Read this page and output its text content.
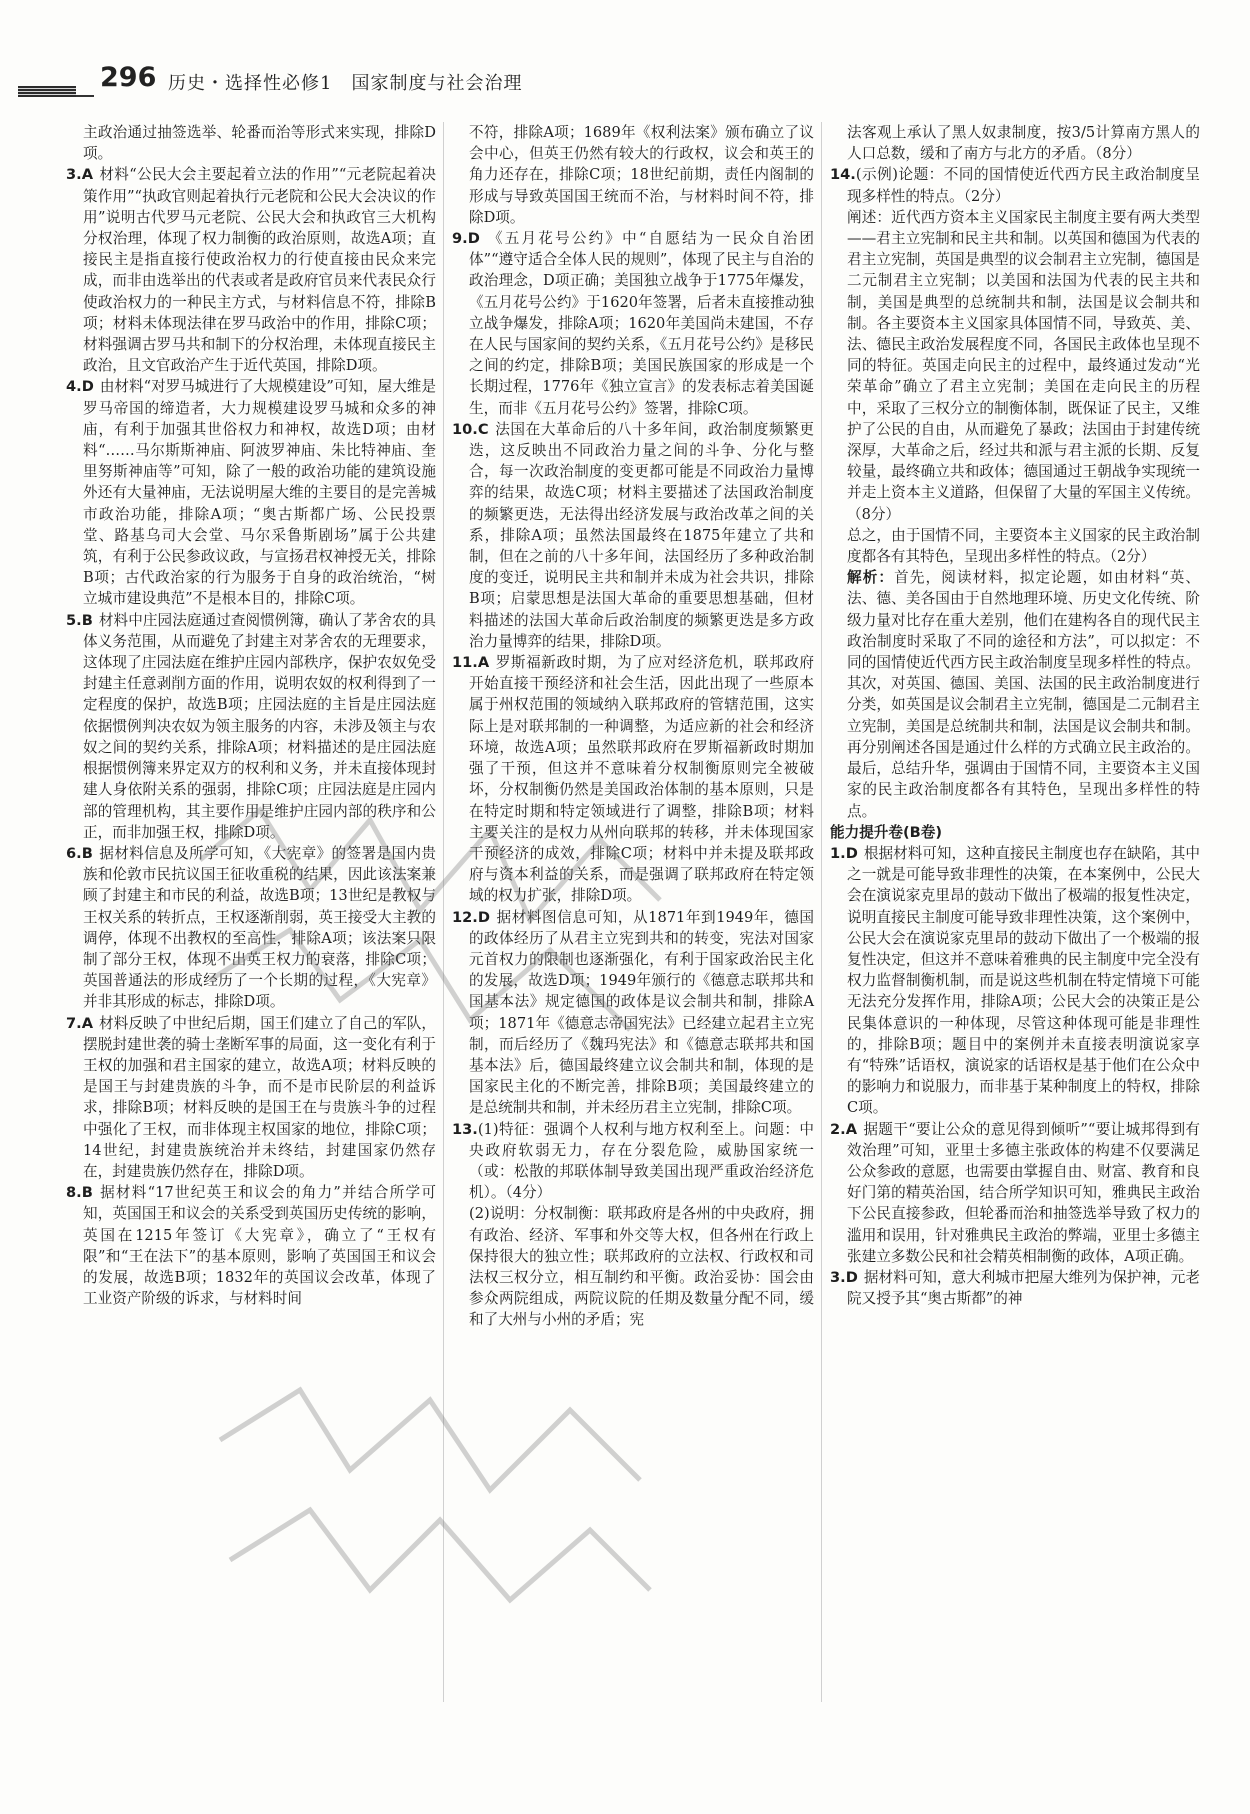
296 历史・选择性必修1　国家制度与社会治理
主政治通过抽签选举、轮番而治等形式来实现，排除D项。
3.A 材料“公民大会主要起着立法的作用”“元老院起着决策作用”“执政官则起着执行元老院和公民大会决议的作用”说明古代罗马元老院、公民大会和执政官三大机构分权治理，体现了权力制衡的政治原则，故选A项；直接民主是指直接行使政治权力的行使直接由民众来完成，而非由选举出的代表或者是政府官员来代表民众行使政治权力的一种民主方式，与材料信息不符，排除B项；材料未体现法律在罗马政治中的作用，排除C项；材料强调古罗马共和制下的分权治理，未体现直接民主政治，且文官政治产生于近代英国，排除D项。
4.D 由材料“对罗马城进行了大规模建设”可知，屋大维是罗马帝国的缔造者，大力规模建设罗马城和众多的神庙，有利于加强其世俗权力和神权，故选D项；由材料“……马尔斯斯神庙、阿波罗神庙、朱比特神庙、奎里努斯神庙等”可知，除了一般的政治功能的建筑设施外还有大量神庙，无法说明屋大维的主要目的是完善城市政治功能，排除A项；“奥古斯都广场、公民投票堂、路基乌司大会堂、马尔采鲁斯剧场”属于公共建筑，有利于公民参政议政，与宣扬君权神授无关，排除B项；古代政治家的行为服务于自身的政治统治，“树立城市建设典范”不是根本目的，排除C项。
5.B 材料中庄园法庭通过查阅惯例簿，确认了茅舍农的具体义务范围，从而避免了封建主对茅舍农的无理要求，这体现了庄园法庭在维护庄园内部秩序，保护农奴免受封建主任意剥削方面的作用，说明农奴的权利得到了一定程度的保护，故选B项；庄园法庭的主旨是庄园法庭依据惯例判决农奴为领主服务的内容，未涉及领主与农奴之间的契约关系，排除A项；材料描述的是庄园法庭根据惯例簿来界定双方的权利和义务，并未直接体现封建人身依附关系的强弱，排除C项；庄园法庭是庄园内部的管理机构，其主要作用是维护庄园内部的秩序和公正，而非加强王权，排除D项。
6.B 据材料信息及所学可知，《大宪章》的签署是国内贵族和伦敦市民抗议国王征收重税的结果，因此该法案兼顾了封建主和市民的利益，故选B项；13世纪是教权与王权关系的转折点，王权逐渐削弱，英王接受大主教的调停，体现不出教权的至高性，排除A项；该法案只限制了部分王权，体现不出英王权力的衰落，排除C项；英国普通法的形成经历了一个长期的过程，《大宪章》并非其形成的标志，排除D项。
7.A 材料反映了中世纪后期，国王们建立了自己的军队，摆脱封建世袭的骑士垄断军事的局面，这一变化有利于王权的加强和君主国家的建立，故选A项；材料反映的是国王与封建贵族的斗争，而不是市民阶层的利益诉求，排除B项；材料反映的是国王在与贵族斗争的过程中强化了王权，而非体现主权国家的地位，排除C项；14世纪，封建贵族统治并未终结，封建国家仍然存在，封建贵族仍然存在，排除D项。
8.B 据材料“17世纪英王和议会的角力”并结合所学可知，英国国王和议会的关系受到英国历史传统的影响，英国在1215年签订《大宪章》，确立了“王权有限”和“王在法下”的基本原则，影响了英国国王和议会的发展，故选B项；1832年的英国议会改革，体现了工业资产阶级的诉求，与材料时间
不符，排除A项；1689年《权利法案》颁布确立了议会中心，但英王仍然有较大的行政权，议会和英王的角力还存在，排除C项；18世纪前期，责任内阁制的形成与导致英国国王统而不治，与材料时间不符，排除D项。
9.D 《五月花号公约》中“自愿结为一民众自治团体”“遵守适合全体人民的规则”，体现了民主与自治的政治理念，D项正确；美国独立战争于1775年爆发，《五月花号公约》于1620年签署，后者未直接推动独立战争爆发，排除A项；1620年美国尚未建国，不存在人民与国家间的契约关系，《五月花号公约》是移民之间的约定，排除B项；美国民族国家的形成是一个长期过程，1776年《独立宣言》的发表标志着美国诞生，而非《五月花号公约》签署，排除C项。
10.C 法国在大革命后的八十多年间，政治制度频繁更迭，这反映出不同政治力量之间的斗争、分化与整合，每一次政治制度的变更都可能是不同政治力量博弈的结果，故选C项；材料主要描述了法国政治制度的频繁更迭，无法得出经济发展与政治改革之间的关系，排除A项；虽然法国最终在1875年建立了共和制，但在之前的八十多年间，法国经历了多种政治制度的变迁，说明民主共和制并未成为社会共识，排除B项；启蒙思想是法国大革命的重要思想基础，但材料描述的法国大革命后政治制度的频繁更迭是多方政治力量博弈的结果，排除D项。
11.A 罗斯福新政时期，为了应对经济危机，联邦政府开始直接干预经济和社会生活，因此出现了一些原本属于州权范围的领域纳入联邦政府的管辖范围，这实际上是对联邦制的一种调整，为适应新的社会和经济环境，故选A项；虽然联邦政府在罗斯福新政时期加强了干预，但这并不意味着分权制衡原则完全被破坏，分权制衡仍然是美国政治体制的基本原则，只是在特定时期和特定领域进行了调整，排除B项；材料主要关注的是权力从州向联邦的转移，并未体现国家干预经济的成效，排除C项；材料中并未提及联邦政府与资本利益的关系，而是强调了联邦政府在特定领域的权力扩张，排除D项。
12.D 据材料图信息可知，从1871年到1949年，德国的政体经历了从君主立宪到共和的转变，宪法对国家元首权力的限制也逐渐强化，有利于国家政治民主化的发展，故选D项；1949年颁行的《德意志联邦共和国基本法》规定德国的政体是议会制共和制，排除A项；1871年《德意志帝国宪法》已经建立起君主立宪制，而后经历了《魏玛宪法》和《德意志联邦共和国基本法》后，德国最终建立议会制共和制，体现的是国家民主化的不断完善，排除B项；美国最终建立的是总统制共和制，并未经历君主立宪制，排除C项。
13.(1)特征：强调个人权利与地方权利至上。问题：中央政府软弱无力，存在分裂危险，威胁国家统一（或：松散的邦联体制导致美国出现严重政治经济危机）。（4分）
(2)说明：分权制衡：联邦政府是各州的中央政府，拥有政治、经济、军事和外交等大权，但各州在行政上保持很大的独立性；联邦政府的立法权、行政权和司法权三权分立，相互制约和平衡。政治妥协：国会由参众两院组成，两院议院的任期及数量分配不同，缓和了大州与小州的矛盾；宪
法客观上承认了黑人奴隶制度，按3/5计算南方黑人的人口总数，缓和了南方与北方的矛盾。（8分）
14.(示例)论题：不同的国情使近代西方民主政治制度呈现多样性的特点。（2分）
阐述：近代西方资本主义国家民主制度主要有两大类型——君主立宪制和民主共和制。以英国和德国为代表的君主立宪制，英国是典型的议会制君主立宪制，德国是二元制君主立宪制；以美国和法国为代表的民主共和制，美国是典型的总统制共和制，法国是议会制共和制。各主要资本主义国家具体国情不同，导致英、美、法、德民主政治发展程度不同，各国民主政体也呈现不同的特征。英国走向民主的过程中，最终通过发动“光荣革命”确立了君主立宪制；美国在走向民主的历程中，采取了三权分立的制衡体制，既保证了民主，又维护了公民的自由，从而避免了暴政；法国由于封建传统深厚，大革命之后，经过共和派与君主派的长期、反复较量，最终确立共和政体；德国通过王朝战争实现统一并走上资本主义道路，但保留了大量的军国主义传统。（8分）
总之，由于国情不同，主要资本主义国家的民主政治制度都各有其特色，呈现出多样性的特点。（2分）
解析：首先，阅读材料，拟定论题，如由材料“英、法、德、美各国由于自然地理环境、历史文化传统、阶级力量对比存在重大差别，他们在建构各自的现代民主政治制度时采取了不同的途径和方法”，可以拟定：不同的国情使近代西方民主政治制度呈现多样性的特点。其次，对英国、德国、美国、法国的民主政治制度进行分类，如英国是议会制君主立宪制，德国是二元制君主立宪制，美国是总统制共和制，法国是议会制共和制。再分别阐述各国是通过什么样的方式确立民主政治的。最后，总结升华，强调由于国情不同，主要资本主义国家的民主政治制度都各有其特色，呈现出多样性的特点。
能力提升卷(B卷)
1.D 根据材料可知，这种直接民主制度也存在缺陷，其中之一就是可能导致非理性的决策，在本案例中，公民大会在演说家克里昂的鼓动下做出了极端的报复性决定，说明直接民主制度可能导致非理性决策，这个案例中，公民大会在演说家克里昂的鼓动下做出了一个极端的报复性决定，但这并不意味着雅典的民主制度中完全没有权力监督制衡机制，而是说这些机制在特定情境下可能无法充分发挥作用，排除A项；公民大会的决策正是公民集体意识的一种体现，尽管这种体现可能是非理性的，排除B项；题目中的案例并未直接表明演说家享有“特殊”话语权，演说家的话语权是基于他们在公众中的影响力和说服力，而非基于某种制度上的特权，排除C项。
2.A 据题干“要让公众的意见得到倾听”“要让城邦得到有效治理”可知，亚里士多德主张政体的构建不仅要满足公众参政的意愿，也需要由掌握自由、财富、教育和良好门第的精英治国，结合所学知识可知，雅典民主政治下公民直接参政，但轮番而治和抽签选举导致了权力的滥用和误用，针对雅典民主政治的弊端，亚里士多德主张建立多数公民和社会精英相制衡的政体，A项正确。
3.D 据材料可知，意大利城市把屋大维列为保护神，元老院又授予其“奥古斯都”的神
